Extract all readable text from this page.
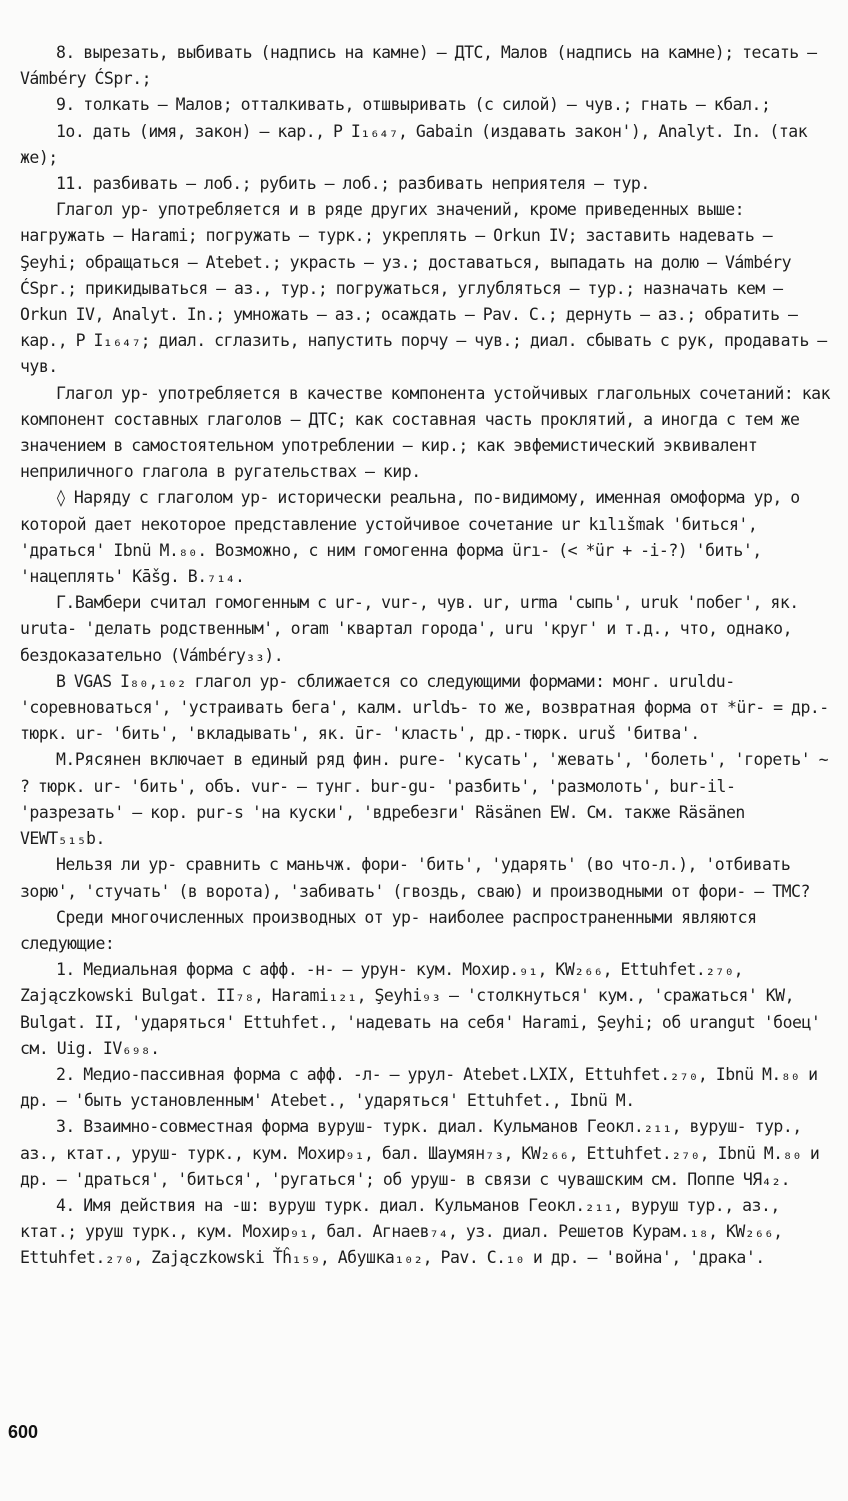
8. вырезать, выбивать (надпись на камне) – ДТС, Малов (надпись на камне); тесать – Vámbéry ĆSpr.;

9. толкать – Малов; отталкивать, отшвыривать (с силой) – чув.; гнать – кбал.;

1о. дать (имя, закон) – кар., Р I₁₆₄₇, Gabain (издавать закон'), Analyt. In. (так же);

11. разбивать – лоб.; рубить – лоб.; разбивать неприятеля – тур.

Глагол ур- употребляется и в ряде других значений, кроме приведенных выше: нагружать – Harami; погружать – турк.; укреплять – Orkun IV; заставить надевать – Şeyhi; обращаться – Atebet.; украсть – уз.; доставаться, выпадать на долю – Vámbéry ĆSpr.; прикидываться – аз., тур.; погружаться, углубляться – тур.; назначать кем – Orkun IV, Analyt. In.; умножать – аз.; осаждать – Pav. C.; дернуть – аз.; обратить – кар., Р I₁₆₄₇; диал. сглазить, напустить порчу – чув.; диал. сбывать с рук, продавать – чув.

Глагол ур- употребляется в качестве компонента устойчивых глагольных сочетаний: как компонент составных глаголов – ДТС; как составная часть проклятий, а иногда с тем же значением в самостоятельном употреблении – кир.; как эвфемистический эквивалент неприличного глагола в ругательствах – кир.

◊ Наряду с глаголом ур- исторически реальна, по-видимому, именная омоформа ур, о которой дает некоторое представление устойчивое сочетание ur kılıšmak 'биться', 'драться' Ibnü M.₈₀. Возможно, с ним гомогенна форма ürı- (< *ür + -i-?) 'бить', 'нацеплять' Kāšg. B.₇₁₄.

Г.Вамбери считал гомогенным с ur-, vur-, чув. ur, urma 'сыпь', uruk 'побег', як. uruta- 'делать родственным', oram 'квартал города', uru 'круг' и т.д., что, однако, бездоказательно (Vámbéry₃₃).

В VGAS I₈₀,₁₀₂ глагол ур- сближается со следующими формами: монг. uruldu- 'соревноваться', 'устраивать бега', калм. urldъ- то же, возвратная форма от *ür- = др.-тюрк. ur- 'бить', 'вкладывать', як. ūr- 'класть', др.-тюрк. uruš 'битва'.

М.Рясянен включает в единый ряд фин. pure- 'кусать', 'жевать', 'болеть', 'гореть' ~ ? тюрк. ur- 'бить', объ. vur- – тунг. bur-gu- 'разбить', 'размолоть', bur-il- 'разрезать' – кор. pur-s 'на куски', 'вдребезги' Räsänen EW. См. также Räsänen VEWT₅₁₅b.

Нельзя ли ур- сравнить с маньчж. фори- 'бить', 'ударять' (во что-л.), 'отбивать зорю', 'стучать' (в ворота), 'забивать' (гвоздь, сваю) и производными от фори- – ТМС?

Среди многочисленных производных от ур- наиболее распространенными являются следующие:

1. Медиальная форма с афф. -н- – урун- кум. Мохир.₉₁, KW₂₆₆, Ettuhfet.₂₇₀, Zajączkowski Bulgat. II₇₈, Harami₁₂₁, Şeyhi₉₃ – 'столкнуться' кум., 'сражаться' KW, Bulgat. II, 'ударяться' Ettuhfet., 'надевать на себя' Harami, Şeyhi; об urangut 'боец' см. Uig. IV₆₉₈.

2. Медио-пассивная форма с афф. -л- – урул- Atebet.LXIX, Ettuhfet.₂₇₀, Ibnü M.₈₀ и др. – 'быть установленным' Atebet., 'ударяться' Ettuhfet., Ibnü M.

3. Взаимно-совместная форма вуруш- турк. диал. Кульманов Геокл.₂₁₁, вуруш- тур., аз., ктат., уруш- турк., кум. Мохир₉₁, бал. Шаумян₇₃, KW₂₆₆, Ettuhfet.₂₇₀, Ibnü M.₈₀ и др. – 'драться', 'биться', 'ругаться'; об уруш- в связи с чувашским см. Поппе ЧЯ₄₂.

4. Имя действия на -ш: вуруш турк. диал. Кульманов Геокл.₂₁₁, вуруш тур., аз., ктат.; уруш турк., кум. Мохир₉₁, бал. Агнаев₇₄, уз. диал. Решетов Курам.₁₈, KW₂₆₆, Ettuhfet.₂₇₀, Zajączkowski Ťĥ₁₅₉, Абушка₁₀₂, Pav. C.₁₀ и др. – 'война', 'драка'.

600
